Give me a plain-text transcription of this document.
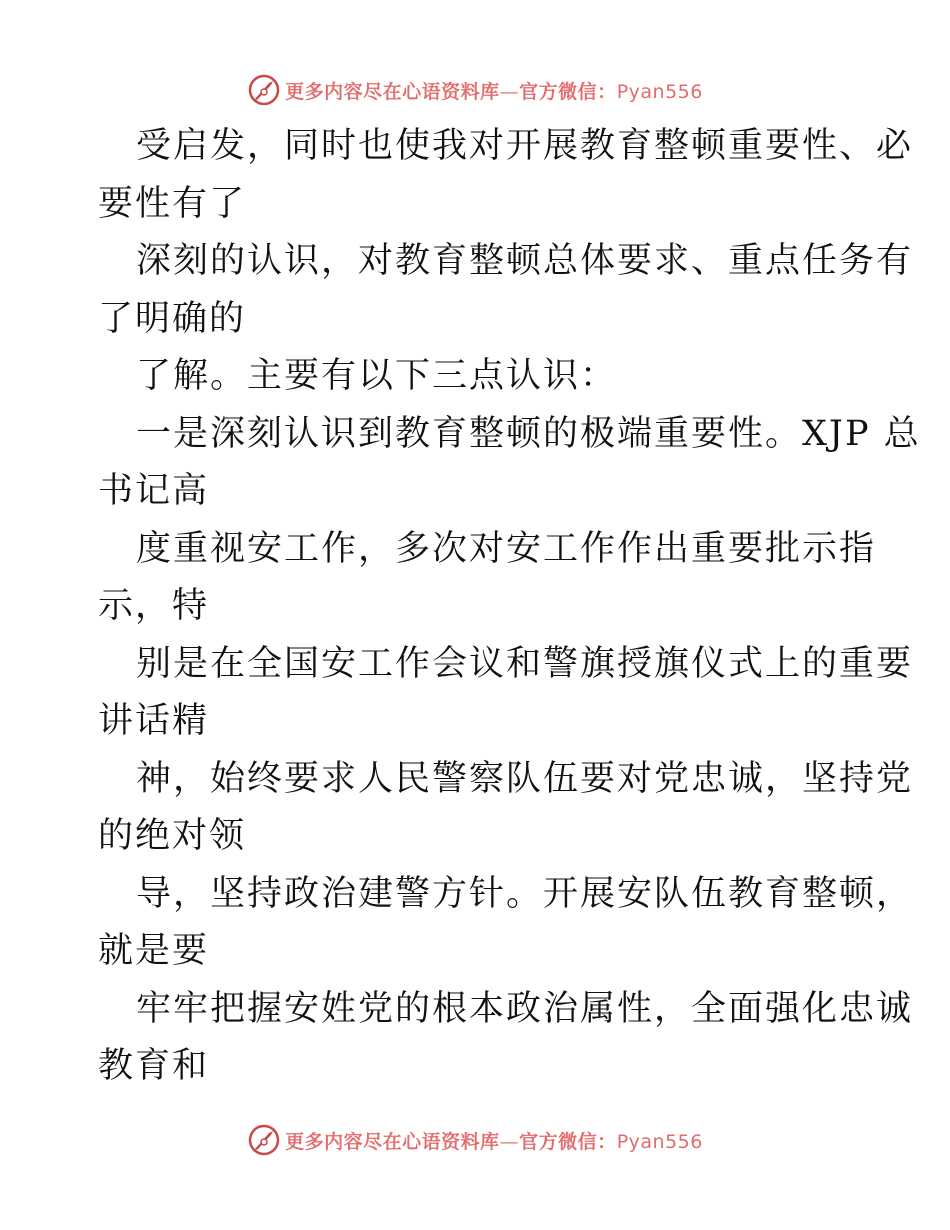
更多内容尽在心语资料库—官方微信：Pyan556
受启发，同时也使我对开展教育整顿重要性、必
要性有了
深刻的认识，对教育整顿总体要求、重点任务有
了明确的
了解。主要有以下三点认识：
一是深刻认识到教育整顿的极端重要性。XJP 总
书记高
度重视安工作，多次对安工作作出重要批示指
示，特
别是在全国安工作会议和警旗授旗仪式上的重要
讲话精
神，始终要求人民警察队伍要对党忠诚，坚持党
的绝对领
导，坚持政治建警方针。开展安队伍教育整顿，
就是要
牢牢把握安姓党的根本政治属性，全面强化忠诚
教育和
更多内容尽在心语资料库—官方微信：Pyan556
